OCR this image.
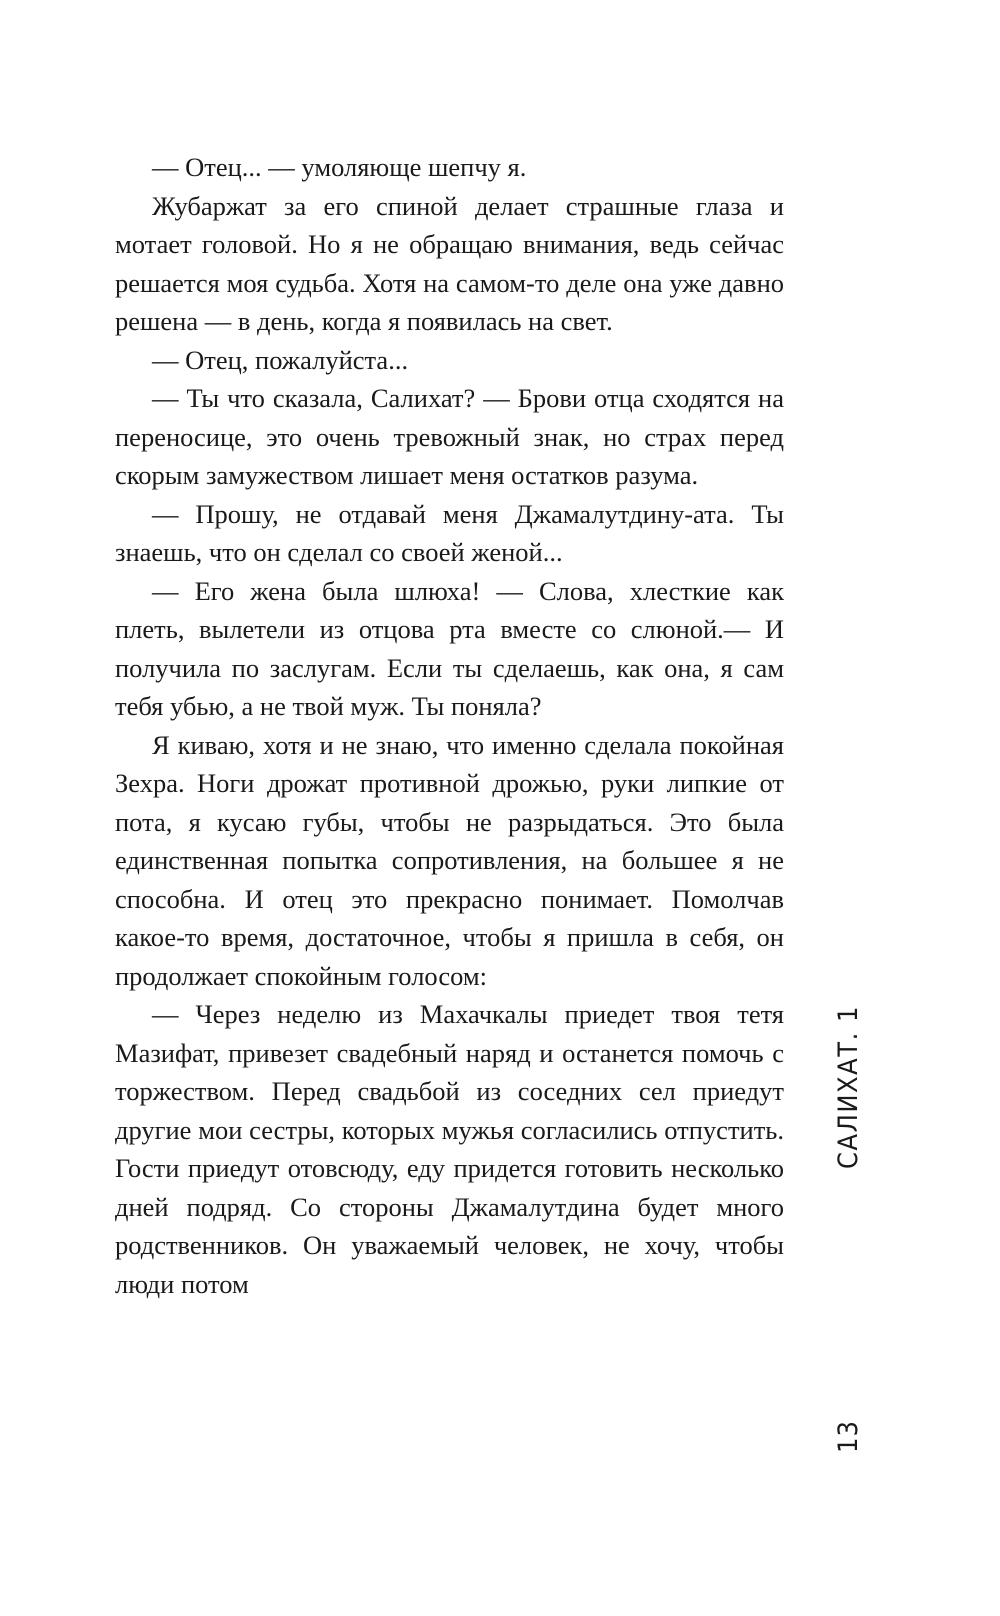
— Отец... — умоляюще шепчу я.

Жубаржат за его спиной делает страшные глаза и мотает головой. Но я не обращаю внимания, ведь сейчас решается моя судьба. Хотя на самом-то деле она уже давно решена — в день, когда я появилась на свет.

— Отец, пожалуйста...

— Ты что сказала, Салихат? — Брови отца сходятся на переносице, это очень тревожный знак, но страх перед скорым замужеством лишает меня остатков разума.

— Прошу, не отдавай меня Джамалутдину-ата. Ты знаешь, что он сделал со своей женой...

— Его жена была шлюха! — Слова, хлесткие как плеть, вылетели из отцова рта вместе со слюной.— И получила по заслугам. Если ты сделаешь, как она, я сам тебя убью, а не твой муж. Ты поняла?

Я киваю, хотя и не знаю, что именно сделала покойная Зехра. Ноги дрожат противной дрожью, руки липкие от пота, я кусаю губы, чтобы не разрыдаться. Это была единственная попытка сопротивления, на большее я не способна. И отец это прекрасно понимает. Помолчав какое-то время, достаточное, чтобы я пришла в себя, он продолжает спокойным голосом:

— Через неделю из Махачкалы приедет твоя тетя Мазифат, привезет свадебный наряд и останется помочь с торжеством. Перед свадьбой из соседних сел приедут другие мои сестры, которых мужья согласились отпустить. Гости приедут отовсюду, еду придется готовить несколько дней подряд. Со стороны Джамалутдина будет много родственников. Он уважаемый человек, не хочу, чтобы люди потом

САЛИХАТ. 1
13
